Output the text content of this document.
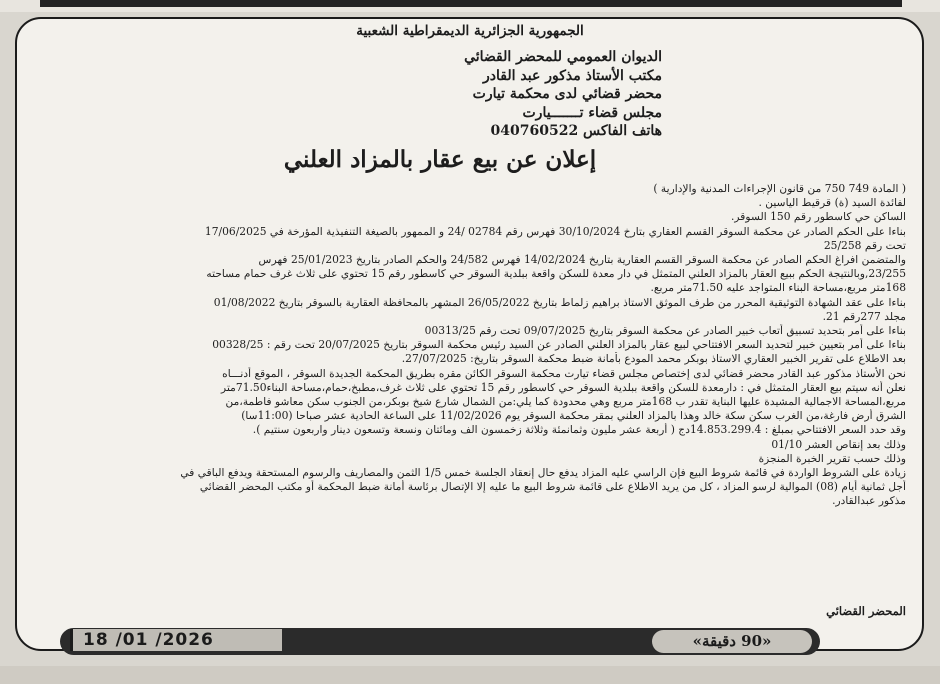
الجمهورية الجزائرية الديمقراطية الشعبية
الديوان العمومي للمحضر القضائي
مكتب الأستاذ مذكور عبد القادر
محضر قضائي لدى محكمة تيارت
مجلس قضاء تـــــــيارت
هاتف الفاكس 040760522
إعلان عن بيع عقار بالمزاد العلني
( المادة 749 750 من قانون الإجراءات المدنية والإدارية )
لفائدة السيد (ة) قرقيط الياسين .
الساكن حي كاسطور رقم 150 السوقر.
بناءا على الحكم الصادر عن محكمة السوقر القسم العقاري بتارخ 30/10/2024 فهرس رقم 02784 /24 و الممهور بالصيغة التنفيذية المؤرخة في 17/06/2025
تحت رقم 25/258
والمتضمن افراغ الحكم الصادر عن محكمة السوقر القسم العقارية بتاريخ 14/02/2024 فهرس 24/582 والحكم الصادر بتاريخ 25/01/2023 فهرس
23/255,وبالنتيجة الحكم ببيع العقار بالمزاد العلني المتمثل في دار معدة للسكن واقعة ببلدية السوقر حي كاسطور رقم 15 تحتوي على ثلاث غرف حمام مساحته
168متر مربع،مساحة البناء المتواجد عليه 71.50متر مربع.
بناءا على عقد الشهادة التوثيقية المحرر من طرف الموثق الاستاذ براهيم زلماط بتاريخ 26/05/2022 المشهر بالمحافظة العقارية بالسوقر بتاريخ 01/08/2022
مجلد 277رقم 21.
بناءا على أمر بتحديد تسبيق أتعاب خبير الصادر عن محكمة السوقر بتاريخ 09/07/2025 تحت رقم 00313/25
بناءا على أمر بتعيين خبير لتحديد السعر الافتتاحي لبيع عقار بالمزاد العلني الصادر عن السيد رئيس محكمة السوقر بتاريخ 20/07/2025 تحت رقم : 00328/25
بعد الاطلاع على تقرير الخبير العقاري الاستاذ بوبكر محمد المودع بأمانة ضبط محكمة السوقر بتاريخ: 27/07/2025.
نحن الأستاذ مذكور عبد القادر محضر قضائي لدى إختصاص مجلس قضاء تيارت محكمة السوقر الكائن مقره بطريق المحكمة الجديدة السوقر ، الموقع أدنـــاه
نعلن أنه سيتم بيع العقار المتمثل في : دارمعدة للسكن واقعة ببلدية السوقر حي كاسطور رقم 15 تحتوي على ثلاث غرف،مطبخ،حمام،مساحة البناء71.50متر
مربع،المساحة الاجمالية المشيدة عليها البناية تقدر ب 168متر مربع وهي محدودة كما يلي:من الشمال شارع شيخ بوبكر،من الجنوب سكن معاشو فاطمة،من
الشرق أرض فارغة،من الغرب سكن سكة خالد وهذا بالمزاد العلني بمقر محكمة السوقر يوم 11/02/2026 على الساعة الحادية عشر صباحا (11:00سا)
وقد حدد السعر الافتتاحي بمبلغ : 14.853.299.4دج ( أربعة عشر مليون وثمانمئة وثلاثة زخمسون الف ومائتان ونسعة وتسعون دينار واربعون سنتيم ).
وذلك بعد إنقاص العشر 01/10
وذلك حسب تقرير الخبرة المنجزة
زيادة على الشروط الواردة في قائمة شروط البيع فإن الراسي عليه المزاد يدفع حال إنعقاد الجلسة خمس 1/5 الثمن والمصاريف والرسوم المستحقة ويدفع الباقي في
أجل ثمانية أيام (08) الموالية لرسو المزاد ، كل من يريد الاطلاع على قائمة شروط البيع ما عليه إلا الإتصال برئاسة أمانة ضبط المحكمة أو مكتب المحضر القضائي
مذكور عبدالقادر.
المحضر القضائي
18 /01 /2026	«90 دقيقة»
